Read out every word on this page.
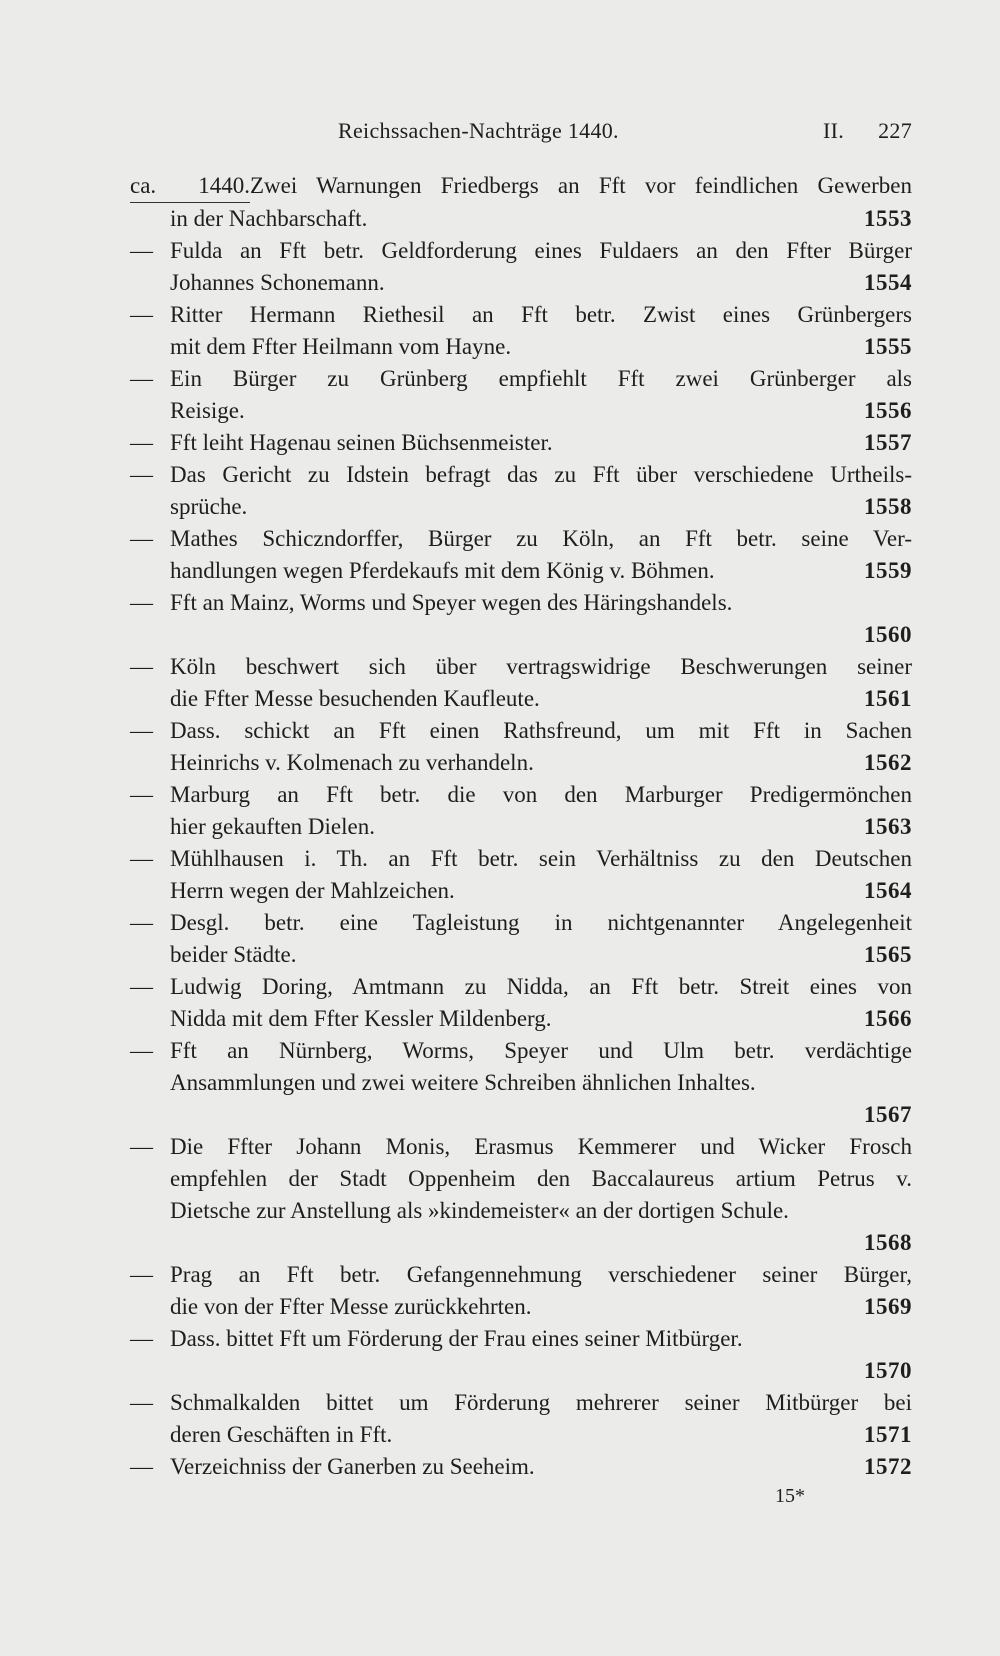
Reichssachen-Nachträge 1440.	II. 227
ca. 1440.Zwei Warnungen Friedbergs an Fft vor feindlichen Gewerben
in der Nachbarschaft.	1553
— Fulda an Fft betr. Geldforderung eines Fuldaers an den Ffter Bürger
Johannes Schonemann.	1554
— Ritter Hermann Riethesil an Fft betr. Zwist eines Grünbergers
mit dem Ffter Heilmann vom Hayne.	1555
— Ein Bürger zu Grünberg empfiehlt Fft zwei Grünberger als
Reisige.	1556
— Fft leiht Hagenau seinen Büchsenmeister.	1557
— Das Gericht zu Idstein befragt das zu Fft über verschiedene Urtheils-
sprüche.	1558
— Mathes Schiczndorffer, Bürger zu Köln, an Fft betr. seine Ver-
handlungen wegen Pferdekaufs mit dem König v. Böhmen.	1559
— Fft an Mainz, Worms und Speyer wegen des Häringshandels.
1560
— Köln beschwert sich über vertragswidrige Beschwerungen seiner
die Ffter Messe besuchenden Kaufleute.	1561
— Dass. schickt an Fft einen Rathsfreund, um mit Fft in Sachen
Heinrichs v. Kolmenach zu verhandeln.	1562
— Marburg an Fft betr. die von den Marburger Predigermönchen
hier gekauften Dielen.	1563
— Mühlhausen i. Th. an Fft betr. sein Verhältniss zu den Deutschen
Herrn wegen der Mahlzeichen.	1564
— Desgl. betr. eine Tagleistung in nichtgenannter Angelegenheit
beider Städte.	1565
— Ludwig Doring, Amtmann zu Nidda, an Fft betr. Streit eines von
Nidda mit dem Ffter Kessler Mildenberg.	1566
— Fft an Nürnberg, Worms, Speyer und Ulm betr. verdächtige
Ansammlungen und zwei weitere Schreiben ähnlichen Inhaltes.
1567
— Die Ffter Johann Monis, Erasmus Kemmerer und Wicker Frosch
empfehlen der Stadt Oppenheim den Baccalaureus artium Petrus v.
Dietsche zur Anstellung als »kindemeister« an der dortigen Schule.
1568
— Prag an Fft betr. Gefangennehmung verschiedener seiner Bürger,
die von der Ffter Messe zurückkehrten.	1569
— Dass. bittet Fft um Förderung der Frau eines seiner Mitbürger.
1570
— Schmalkalden bittet um Förderung mehrerer seiner Mitbürger bei
deren Geschäften in Fft.	1571
— Verzeichniss der Ganerben zu Seeheim.	1572
15*
